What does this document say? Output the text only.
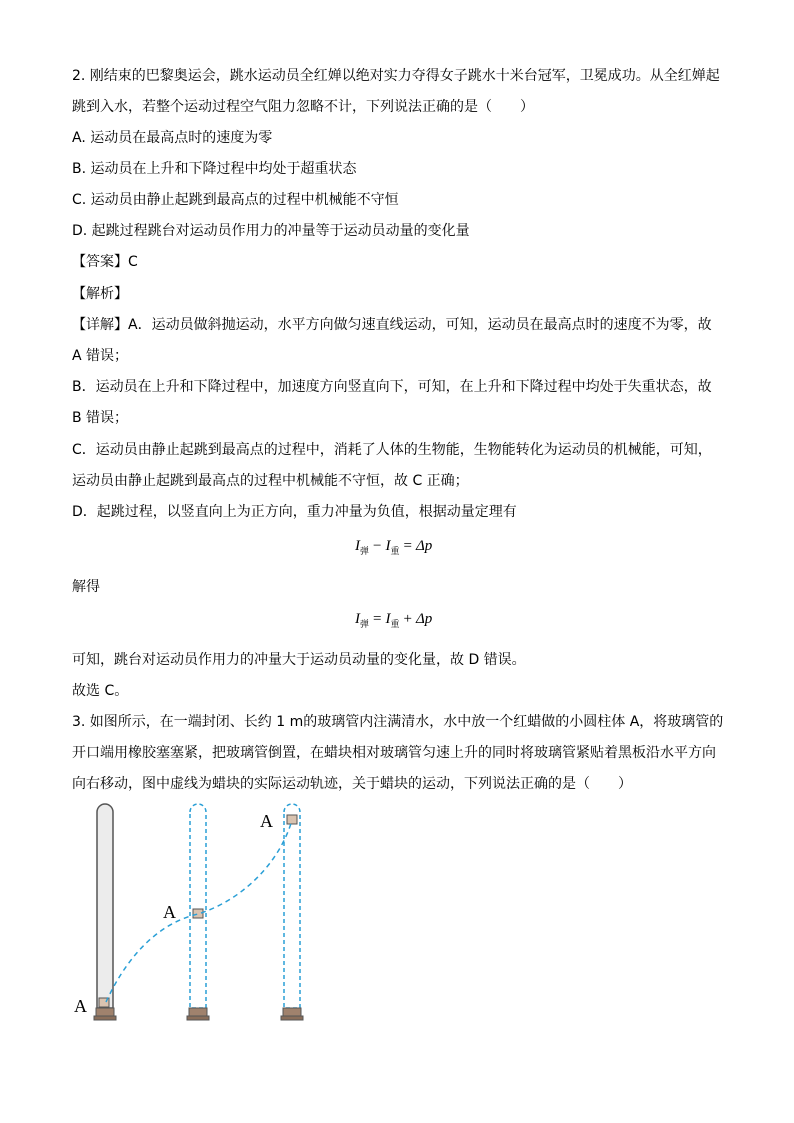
2. 刚结束的巴黎奥运会，跳水运动员全红婵以绝对实力夺得女子跳水十米台冠军，卫冕成功。从全红婵起
跳到入水，若整个运动过程空气阻力忽略不计，下列说法正确的是（　　）
A. 运动员在最高点时的速度为零
B. 运动员在上升和下降过程中均处于超重状态
C. 运动员由静止起跳到最高点的过程中机械能不守恒
D. 起跳过程跳台对运动员作用力的冲量等于运动员动量的变化量
【答案】C
【解析】
【详解】A．运动员做斜抛运动，水平方向做匀速直线运动，可知，运动员在最高点时的速度不为零，故
A 错误；
B．运动员在上升和下降过程中，加速度方向竖直向下，可知，在上升和下降过程中均处于失重状态，故
B 错误；
C．运动员由静止起跳到最高点的过程中，消耗了人体的生物能，生物能转化为运动员的机械能，可知，
运动员由静止起跳到最高点的过程中机械能不守恒，故 C 正确；
D．起跳过程，以竖直向上为正方向，重力冲量为负值，根据动量定理有
$I_弹 - I_重 = \Delta p$
解得
$I_弹 = I_重 + \Delta p$
可知，跳台对运动员作用力的冲量大于运动员动量的变化量，故 D 错误。
故选 C。
3. 如图所示，在一端封闭、长约 1 m的玻璃管内注满清水，水中放一个红蜡做的小圆柱体 A，将玻璃管的
开口端用橡胶塞塞紧，把玻璃管倒置，在蜡块相对玻璃管匀速上升的同时将玻璃管紧贴着黑板沿水平方向
向右移动，图中虚线为蜡块的实际运动轨迹，关于蜡块的运动，下列说法正确的是（　　）
A
A
A
